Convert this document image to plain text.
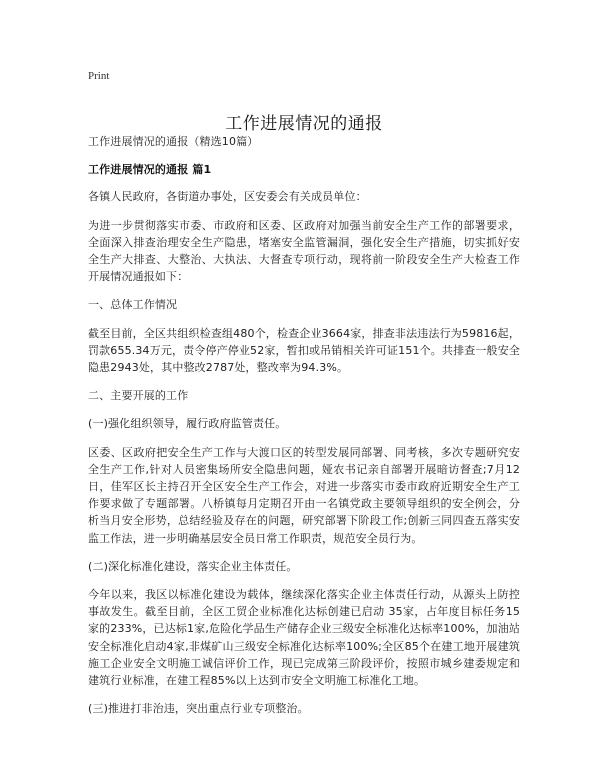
Print
工作进展情况的通报

工作进展情况的通报（精选10篇）

工作进展情况的通报 篇1

各镇人民政府，各街道办事处，区安委会有关成员单位：

为进一步贯彻落实市委、市政府和区委、区政府对加强当前安全生产工作的部署要求，全面深入排查治理安全生产隐患，堵塞安全监管漏洞，强化安全生产措施，切实抓好安全生产大排查、大整治、大执法、大督查专项行动，现将前一阶段安全生产大检查工作开展情况通报如下：

一、总体工作情况

截至目前，全区共组织检查组480个，检查企业3664家，排查非法违法行为59816起，罚款655.34万元，责令停产停业52家，暂扣或吊销相关许可证151个。共排查一般安全隐患2943处，其中整改2787处，整改率为94.3%。

二、主要开展的工作

(一)强化组织领导，履行政府监管责任。

区委、区政府把安全生产工作与大渡口区的转型发展同部署、同考核，多次专题研究安全生产工作,针对人员密集场所安全隐患问题，娅农书记亲自部署开展暗访督查;7月12日，佳军区长主持召开全区安全生产工作会，对进一步落实市委市政府近期安全生产工作要求做了专题部署。八桥镇每月定期召开由一名镇党政主要领导组织的安全例会，分析当月安全形势，总结经验及存在的问题，研究部署下阶段工作;创新三同四查五落实安监工作法，进一步明确基层安全员日常工作职责，规范安全员行为。

(二)深化标准化建设，落实企业主体责任。

今年以来，我区以标准化建设为载体，继续深化落实企业主体责任行动，从源头上防控事故发生。截至目前，全区工贸企业标准化达标创建已启动 35家，占年度目标任务15家的233%，已达标1家,危险化学品生产储存企业三级安全标准化达标率100%，加油站安全标准化启动4家,非煤矿山三级安全标准化达标率100%;全区85个在建工地开展建筑施工企业安全文明施工诚信评价工作，现已完成第三阶段评价，按照市城乡建委规定和建筑行业标准，在建工程85%以上达到市安全文明施工标准化工地。

(三)推进打非治违，突出重点行业专项整治。
